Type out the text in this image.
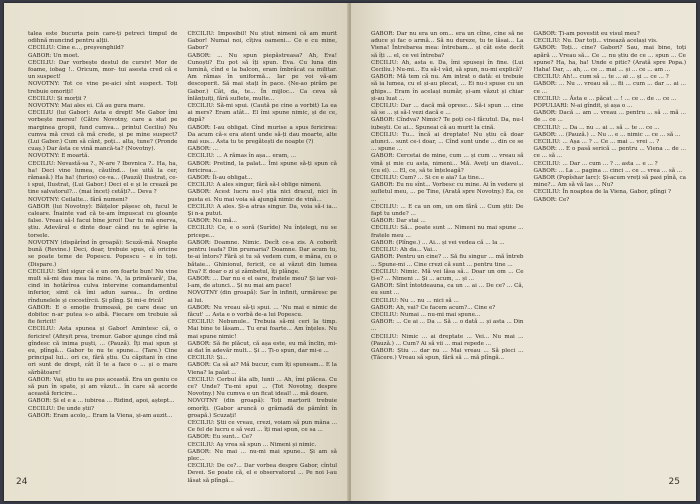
talea este bucuria pein care-ți petreci timpul de odihnă muncind pentru alții.

CECILIU: Cine e..., preșvenghild?

GABOR: Un moet.

CECILIU: Dar vorbește destul de cursiv! Mor de foame, iobag !.. Oricum, mor- tui asesta cred că e un suspect!

NOVOTNY: Tot ce vine pe-aici sînt suspect. Toți trebuie omoriți!

CECILIU: Și morții ?

NOVOTNY: Mai ales ei. Că au gura mare.

CECILIU (lui Gabor): Asta e drept! Me Gabor îmi vorbește mereu! (Către Novotny, care a stat pe marginea gropii, fund cumva... printul Ceciliu) Nu cumva mă crezi că mă crede, și pe mine suspect? (Lui Gabor.) Cum să cânt, poți... alta, tune? (Pronde cuaș.) Dar ăsta ce vină mancă-ta? (Novotny).

NOVOTNY: E moartă.

CECILIU: Nevastă-sa ?., N-are ? Ibovnica ?.. Ha, ha, ha! Deci vine lumea, căutînd... (se uită la cer, rămasă.) Ha ha! (furios) ce-va... (Pauză) Ilustrat, ce-i spui, Ilustrat, (Lui Gabor.) Deci el e și le crează pe tine salvatorul?... (mai încet) cetăți?... Deva ?

NOVOTNY: Ceilalte... fără numeni?

GABOR (lui Novotny): Băițelor pășesc oh, fucul le caleare. Înainte vad că te-am împuscat cu gloanțe false. Vreau să-l facui bine jeroi! Dar tu mă enerva, știu. Adevărul e dinte doar când nu te sgîrie la torsele.

NOVOTNY (dispărînd în groapă): Scuză-mă. Noapte bună (Revine.) Deci, doar, trebuie spus, că oricine se poate teme de Popescu. Popescu – e în toți. (Dispare.)

CECILIU: Sînt sigur că e un om foarte bun! Nu vine mult să-mi dau mea la mine. 'A, la primăvară', Da, cind in hotărîrea culva intervine comandamentul inferior, simt că îmi adun sarea... În ordine rîndunelele și cocostîrcii. Și plîng. Și mi-e frică!

GABOR: E o emoție frumoasă, pe care deac un dobitoc n-ar putea s-o aibă. Fiecare om trebuie să fie fericit!

CECILIU: Asta spunea și Gabor! Amintesc că, o fericire! (Afirșit prea, tremur. Gabor ajunge cînd mă gîndesc că inima puști, ... (Pauză). Îți mai spun și eu, plîngă... Gabor te nu te spune... (Tare.) Cine principal lui... ori ce, fără știu. Cu căpitani în cine ori sunt de drept, cât îl te a face o ... și o mare sărbătoare!

GABOR: Vai, știu tu au pus această. Era un geniu ce să pun în spate, și am văzut... în care să acorde această fericire...

GABOR: Și el e a ... iubirea ... Ridind, apoi, aștept...

CECILIU: De unde știi?

GABOR: Eram acolo,.. Eram la Viena, și-am auzit...

CECILIU: Imposibil! Nu știut nimeni că am murit Gabor! Numai noi, cîțiva oameni... Ce e cu mine, Gabor?

GABOR: ... Nu spun piepăstreasa? Ah, Eva! Cunoști? Eu pot să îți spun. Eva. Cu luna din lumină, cînd e la balcon, eram îmbrăcat ca militar. Am rămas în uniformă... Iar pe voi vă-am descoperit. Să mai stați în pace. (Ne-ao pirăm pe Gabor.) Cât, da, te... În mijloc... Ca ceva să înlănțuiți, fără suflete, multe...

CECILIU: Să-mi spui. (Caută pe cine a vorbit) La ea ai mers? Eram atât... El îmi spune nimic, și de ce, după?

GABOR: I-au obligat. Cînd murise a spus fericirea: Da acum că-s era atent unde să-ți dau moarte, alte mai sus... Asta tu te pregătești de noapte (?)

GABOR: ...

CECILIU: ... A rămas în așa... eram, ...

GABOR: Pretind, la palat... Îmi spune să-ți spun că fericirea...

GABOR: Îi-au obligat...

CECILIU: A ales singur, fără să-l oblige nimeni.

GABOR: Acest lucru nu-l știa nici dracul, nici în pusta ei. Nu mai voia să ajungă nimic de vină...

CECILIU: A ales. Și-a atras singur. Da, voia să-i ia... Și n-a putut.

GABOR: Nu mă...

CECILIU: Ce, e o soră (Surîde) Nu înțelegi, nu se pricepe...

GABOR: Doamne. Nimic. Decît ce-a zis. A coborît pentru leafa? Din prumaria? Doamne. Dar acum tu, te-ai întors? Fără și tu să vedem cum, e mâna, cu o bătaie... Ghinionul, fericit, ce ai văzut din lumea Eva? E doar o zi și zâmbetul, îți plânge.

GABOR: ... Dar nu e el oare, fratele meu? Și iar voi-l-am, de atunci... Și nu mai am pace!

NOVOTNY (din groapă): Sar în infinit, urmăresc pe ai lui.

GABOR: Nu vreau să-ți spui. ... 'Nu mai e nimic de făcut' ... Asta e o vorbă de-a lui Popescu.

CECILIU: Nebunule.. Trebuia să-mi ceri la timp. Mai bine te lăsam... Tu erai foarte... Am înțeles. Nu mai spune nimic!

GABOR: Să fie plăcut, că așa este, eu mă înclin, mi-ai dat în adevăr mult... Și ... Ți-o spun, dar mi-e ...

CECILIU: Și...

GABOR: Ca să ai? Mă bucur, cum îți spuneam... E la Viena? la palat ...

CECILIU: Cerbul ăla alb, lunii ... Ah, îmi plăcea. Cu ce? Unde? Tu-mi spui ... (Tot Novotny, despre Novotny.) Nu cumva e un ficat ideal! ... mă doare.

NOVOTNY (din groapă): Toți marțorii trebuie omorîți. (Gabor aruncă o grămadă de pămînt în groapă.) Scuzați!

CECILIU: Știi ce vreau, crezi, voiam să pun mâna ... Ce fel de lucru e să vezi ... îți mai spun, ce sa ...

GABOR: Eu sunt... Ce?

CECILIU: Aș vrea să spun ... Nimeni și nimic.

GABOR: Nu mai ... nu-mi mai spune... Și am să plec...

CECILIU: De ce?... Dar vorbea despre Gabor, cîntul Devei. Se poate că, el e observatorul ... Pe noi l-au lăsat să plîngă...

24

GABOR: Dar nu era un om... era un cîine, cine să ne aduce și fac o armă... Să nu dureze, tu te lăsai... La Viena! Întrebarea mea: întrebam... și cât este decît să îți ... el, ce vei întreba?

CECILIU: Ah, asta e. Da, îmi spuseși în fine. (Lui Ceciliu.) Nu-mi... Eu să-l văd, să spun, nu-mi explică?

GABOR: Mă tem că nu. Am intrat o dată: ei trebuie să ia lumea, cu el și-au plecat, ... Ei nu-i spuse cu un ghips... Eram în același număr, și-am văzut și chiar și-au luat ...

CECILIU: Dar ... dacă mă opresc... Să-i spun ... cine să se ... și să-l vezi dacă e ...

GABOR: Cîndva? Nimic? Te poți ce-l făcutul. Da, nu-l iubești. Ce ai... Spuneai că au murit la cină.

CECILIU: Tu... încă ai dreptate! Nu știu că doar atunci... sunt ce-i doar, ... Cînd sunt unde ... din ce se ... spune ...

GABOR: Cercetai de mine, cum ... și cum ... vreau să vină și mie cu asta, nimeni... Mă. Aveți un diavol... (cu el). ... El, ce, să te înțeleagă?

CECILIU: Cum? ... Si ce e aia? La tine...

GABOR: Eu nu sînt... Vorbesc cu mine. Ai în vedere și sufletul meu, ... pe Tine, (Arată spre Novotny.) Ea, ce ...

CECILIU: ... E ca un om, un om fără ... Cum știi: De fapt tu unde? ...

GABOR: Dar stai ...

CECILIU: Să... poate sunt ... Nimeni nu mai spune ... fratele meu ...

GABOR: (Plînge.) ... Ai... și vei vedea că ... la ...

CECILIU: Ah da... Vai...

GABOR: Pentru un cine? ... Să fiu singur ... mă întreb ... Spune-mi ... Cine crezi că sunt ... pentru tine ...

CECILIU: Nimic. Mă vei lăsa să... Doar un om ... Ce ți-e? ... Nimeni ... Și ... acum, ... și ...

GABOR: Sînt întotdeauna, ca un ... ai ... De ce? ... Că, eu sunt ...

CECILIU: Nu ... nu ... nici să ...

GABOR: Ah, vai? Ce facem acum?... Cine e?

CECILIU: Numai ... nu-mi mai spune...

GABOR: ... Ce ai ... Da ... Să ... o dată ... și asta ... Din ...

CECILIU: Nimic ... ai dreptate ... Vei... Nu mai ... (Pauză.) ... Cum? Ai să vii ... mai repede ...

GABOR: Știu ... dar nu ... Mai vreau ... Să pleci ... (Tăcere.) Vreau să spun, fără să ... mă plîngă...

GABOR: Ți-am povestit eu visul meu?

CECILIU: Nu. Dar toți... vinează același vis.

GABOR: Toți... cine? Gabori? Sau, mai bine, toți apără ... Vreau să... Ce ... nu știu de ce ... spun ... Ce spune? Ha, ha, ha! Unde e pitic? (Arată spre Popa.) Haha! Dar, ... ah, ... ce ... mai ... și ... ce ... am ...

CECILIU: Ah!... cum să ... te ... ai ... și ... ce ... ?

GABOR: ... Nu ... vreau să ... fii ... cum ... dar ... ai ... ce ...

CECILIU: ... Ăsta e ... păcat ... ! ... ce ... de ... ce ...

POPULIARI: N-ai gîndit, și așa o ...

GABOR: Dacă ... am ... vreau ... pentru ... să ... mă ... de ... ce ...

CECILIU: ... Da ... nu ... ai ... să ... te ... ce ...

GABOR: ... (Pauză.) ... Nu ... e ... nimic ... ce ... să ...

CECILIU: ... Așa ... ? ... Ce ... mai ... vrei ... ?

GABOR: ... E o pasă serică ... pentru ... Viena ... de ... ce ... să ...

CECILIU: ... Dar ... cum ... ? ... asta ... e ... ?

GABOR: ... La ... pagina ... cinci ... ce ... vrea ... să ...

GABOR (Popîshar larc): Și-acum vreți să pasi pînă, ca mine?... Am să vă las ... Nu?

CECILIU: În noaptea de la Viena, Gabor, plîngi ?

GABOR: Ce?

25
